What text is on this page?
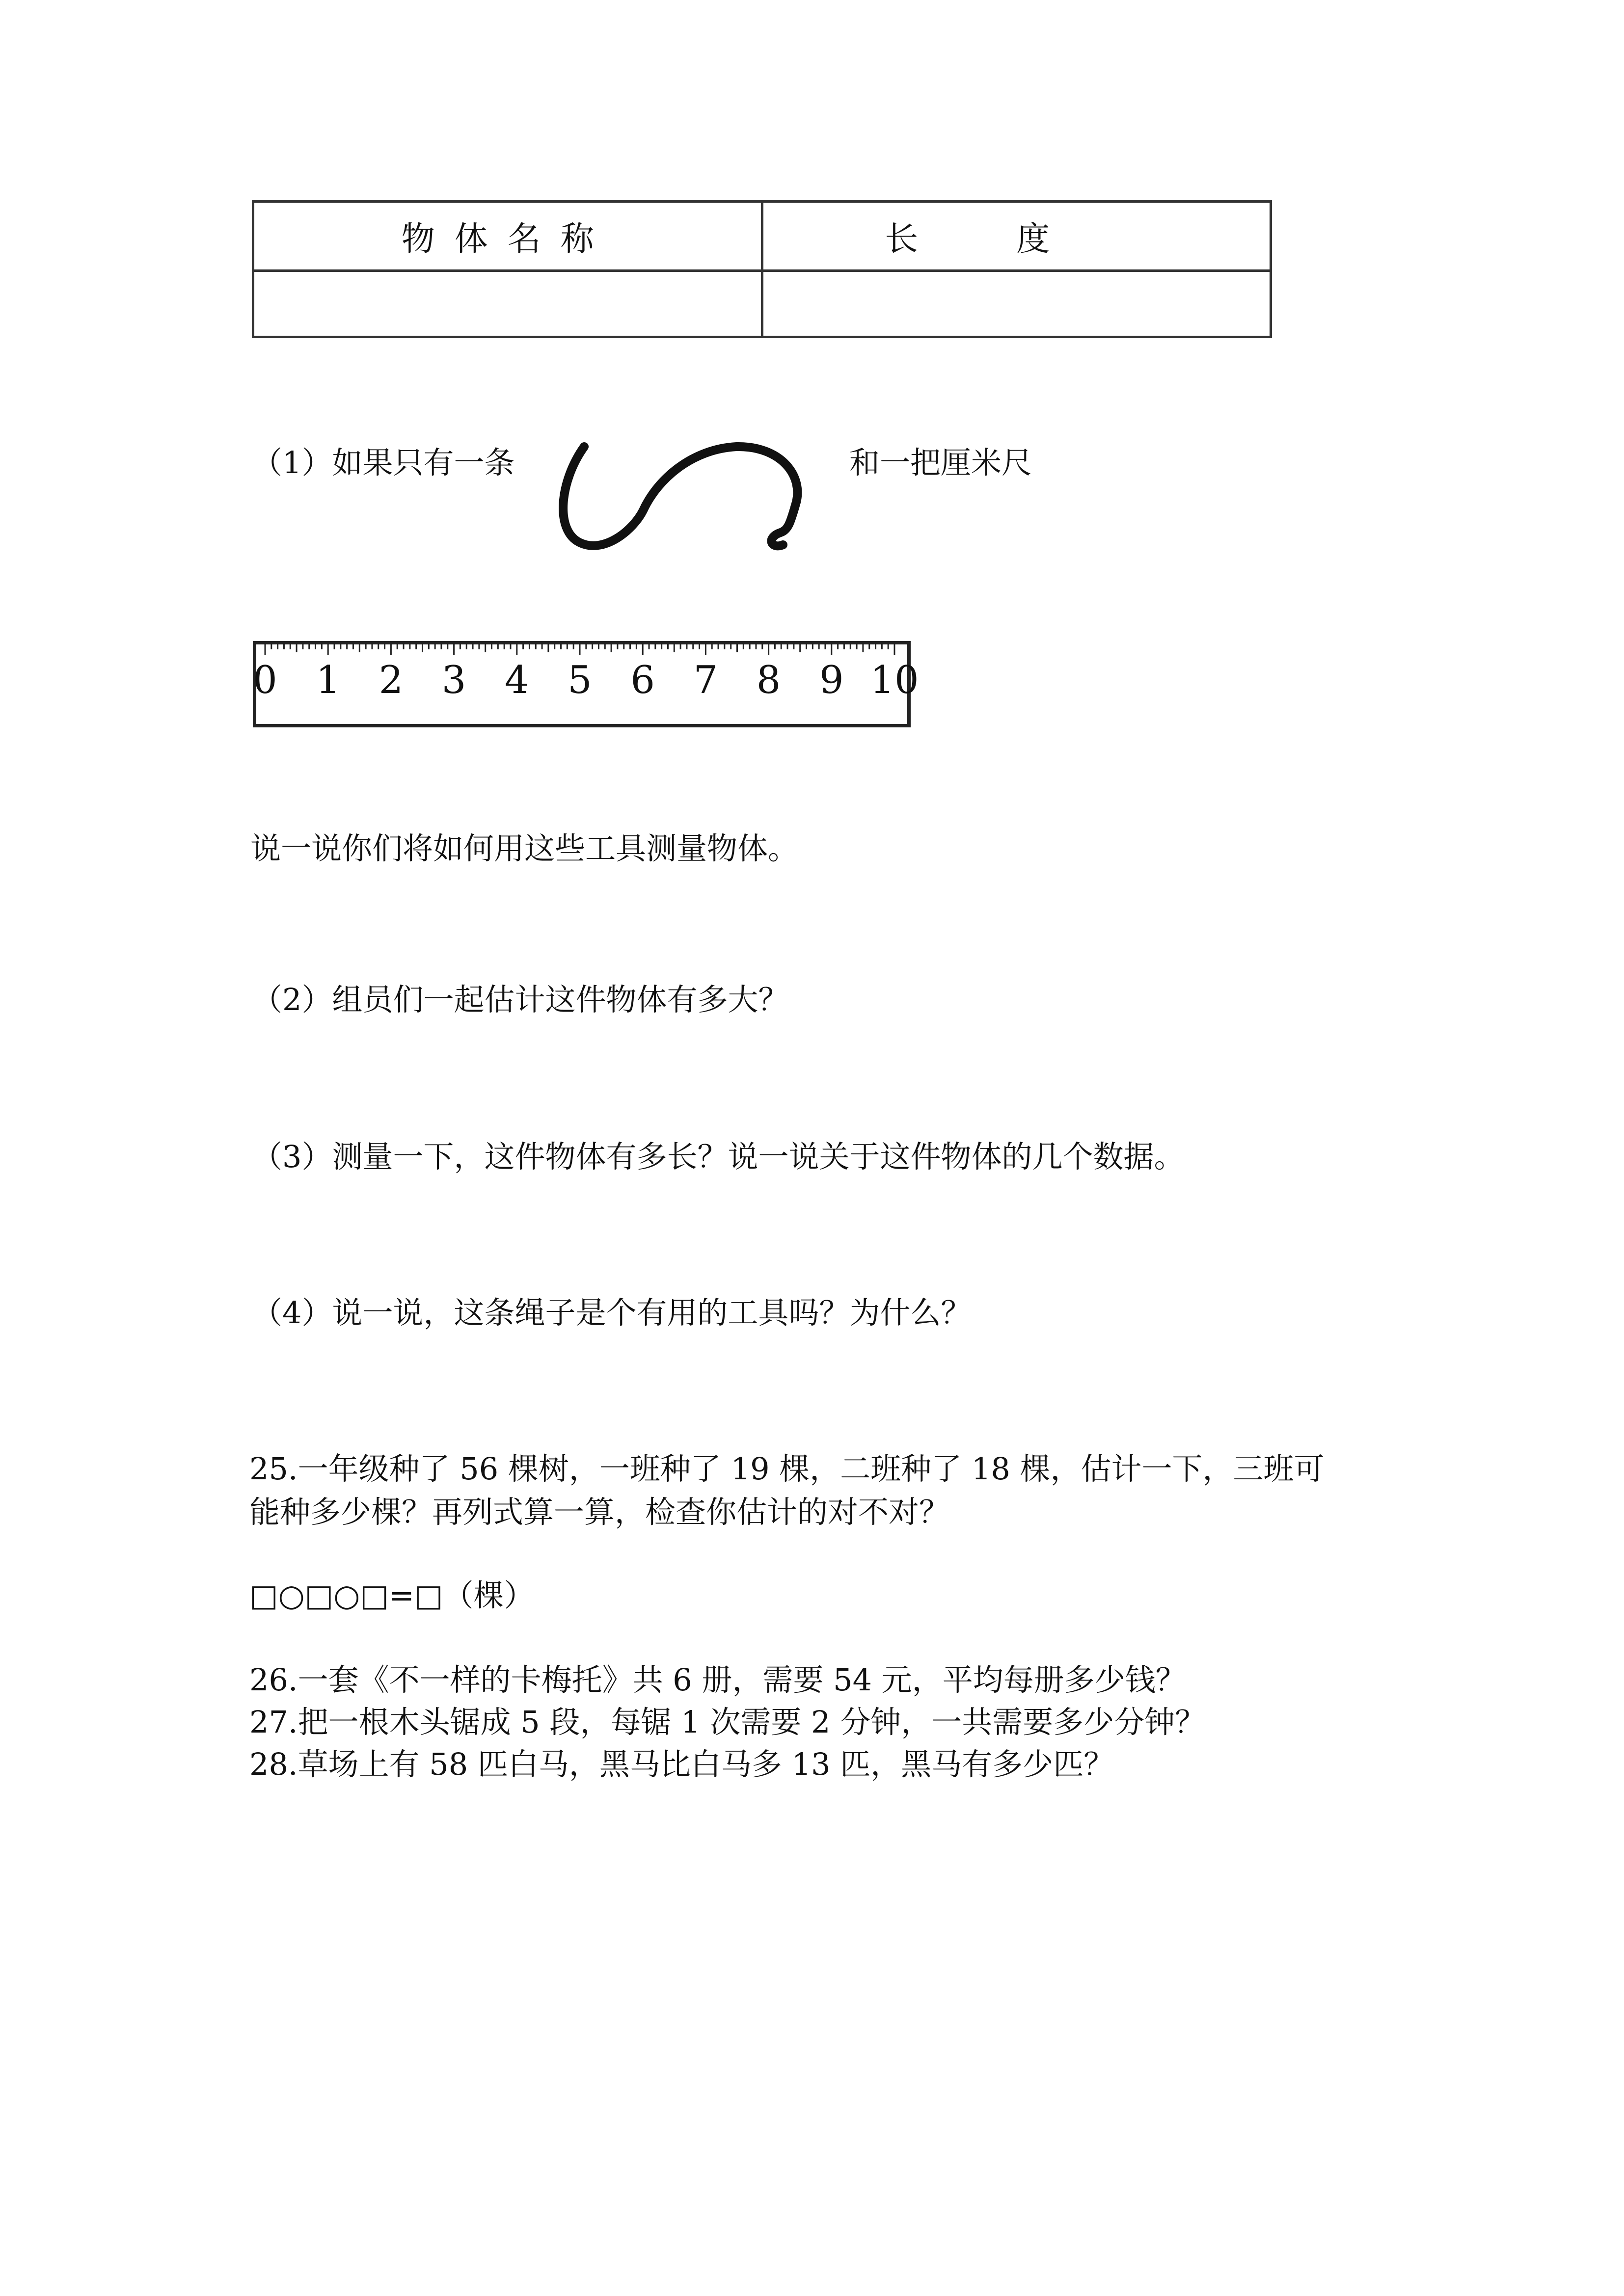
物体名称	长度

（1）如果只有一条	和一把厘米尺
0 1 2 3 4 5 6 7 8 9 10
说一说你们将如何用这些工具测量物体。
（2）组员们一起估计这件物体有多大？
（3）测量一下，这件物体有多长？说一说关于这件物体的几个数据。
（4）说一说，这条绳子是个有用的工具吗？为什么？
25.一年级种了 56 棵树，一班种了 19 棵，二班种了 18 棵，估计一下，三班可
能种多少棵？再列式算一算，检查你估计的对不对？
□○□○□=□（棵）
26.一套《不一样的卡梅托》共 6 册，需要 54 元，平均每册多少钱？
27.把一根木头锯成 5 段，每锯 1 次需要 2 分钟，一共需要多少分钟？
28.草场上有 58 匹白马，黑马比白马多 13 匹，黑马有多少匹？
